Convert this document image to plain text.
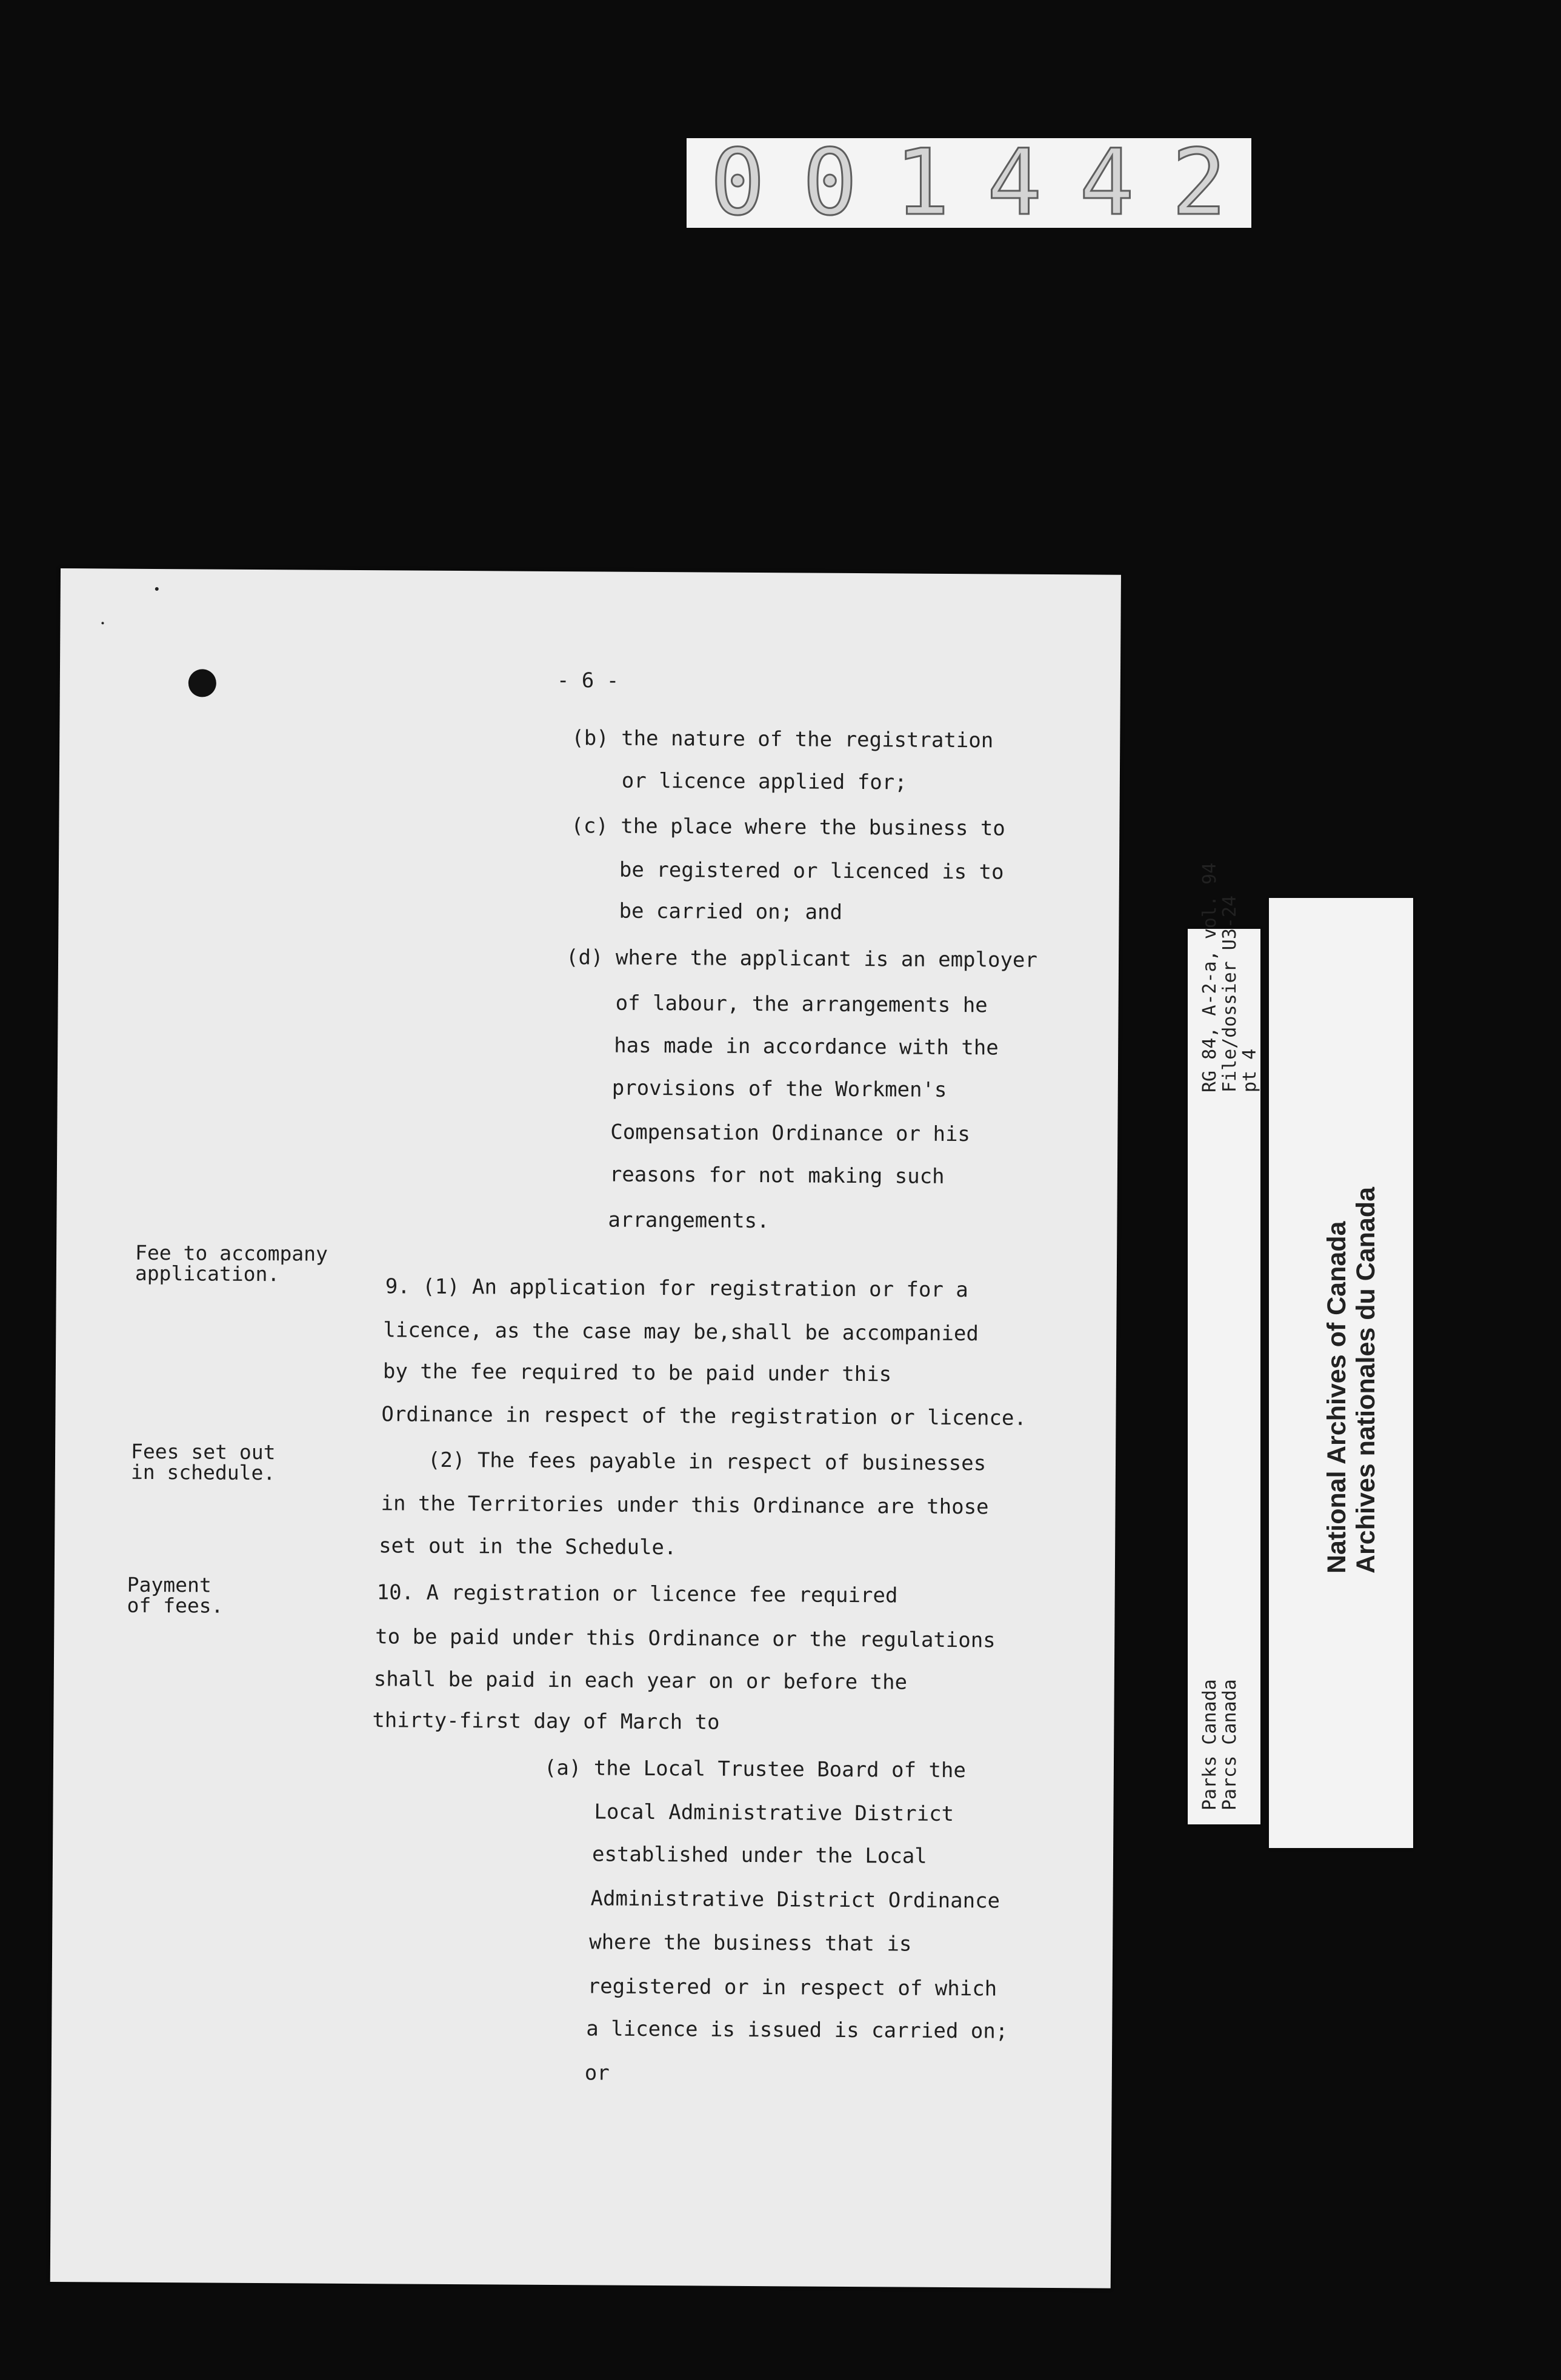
001442
- 6 -
(b) the nature of the registration
or licence applied for;
(c) the place where the business to
be registered or licenced is to
be carried on; and
(d) where the applicant is an employer
of labour, the arrangements he
has made in accordance with the
provisions of the Workmen's
Compensation Ordinance or his
reasons for not making such
arrangements.
Fee to accompany
application.
9. (1) An application for registration or for a
licence, as the case may be,shall be accompanied
by the fee required to be paid under this
Ordinance in respect of the registration or licence.
Fees set out
in schedule.	(2) The fees payable in respect of businesses
in the Territories under this Ordinance are those
set out in the Schedule.
Payment
of fees.	10. A registration or licence fee required
to be paid under this Ordinance or the regulations
shall be paid in each year on or before the
thirty-first day of March to
(a) the Local Trustee Board of the
Local Administrative District
established under the Local
Administrative District Ordinance
where the business that is
registered or in respect of which
a licence is issued is carried on;
or
RG 84, A-2-a, vol. 94
File/dossier U3-24
pt 4
Parks Canada
Parcs Canada
National Archives of Canada Archives nationales du Canada
